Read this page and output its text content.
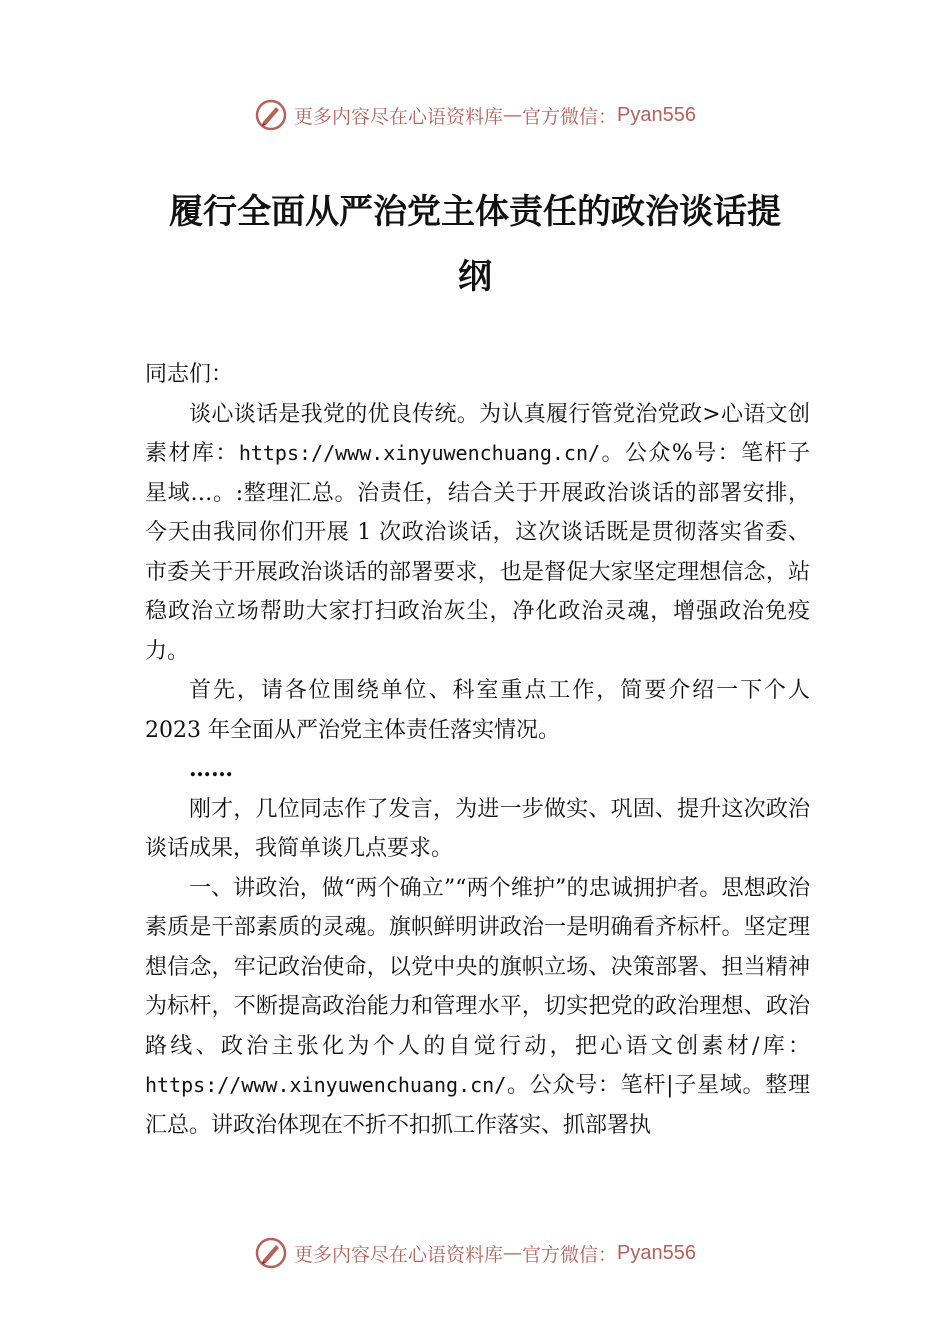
更多内容尽在心语资料库 — 官方微信： Pyan556
履行全面从严治党主体责任的政治谈话提
纲

同志们：

谈心谈话是我党的优良传统。为认真履行管党治党政>心语文创素材库：https://www.xinyuwenchuang.cn/。公众%号：笔杆子星域…。:整理汇总。治责任，结合关于开展政治谈话的部署安排，今天由我同你们开展 1 次政治谈话，这次谈话既是贯彻落实省委、市委关于开展政治谈话的部署要求，也是督促大家坚定理想信念，站稳政治立场帮助大家打扫政治灰尘，净化政治灵魂，增强政治免疫力。

首先，请各位围绕单位、科室重点工作，简要介绍一下个人 2023 年全面从严治党主体责任落实情况。

……

刚才，几位同志作了发言，为进一步做实、巩固、提升这次政治谈话成果，我简单谈几点要求。

一、讲政治，做“两个确立”“两个维护”的忠诚拥护者。思想政治素质是干部素质的灵魂。旗帜鲜明讲政治一是明确看齐标杆。坚定理想信念，牢记政治使命，以党中央的旗帜立场、决策部署、担当精神为标杆，不断提高政治能力和管理水平，切实把党的政治理想、政治路线、政治主张化为个人的自觉行动，把心语文创素材/库：https://www.xinyuwenchuang.cn/。公众号：笔杆|子星域。整理汇总。讲政治体现在不折不扣抓工作落实、抓部署执

更多内容尽在心语资料库 — 官方微信： Pyan556
